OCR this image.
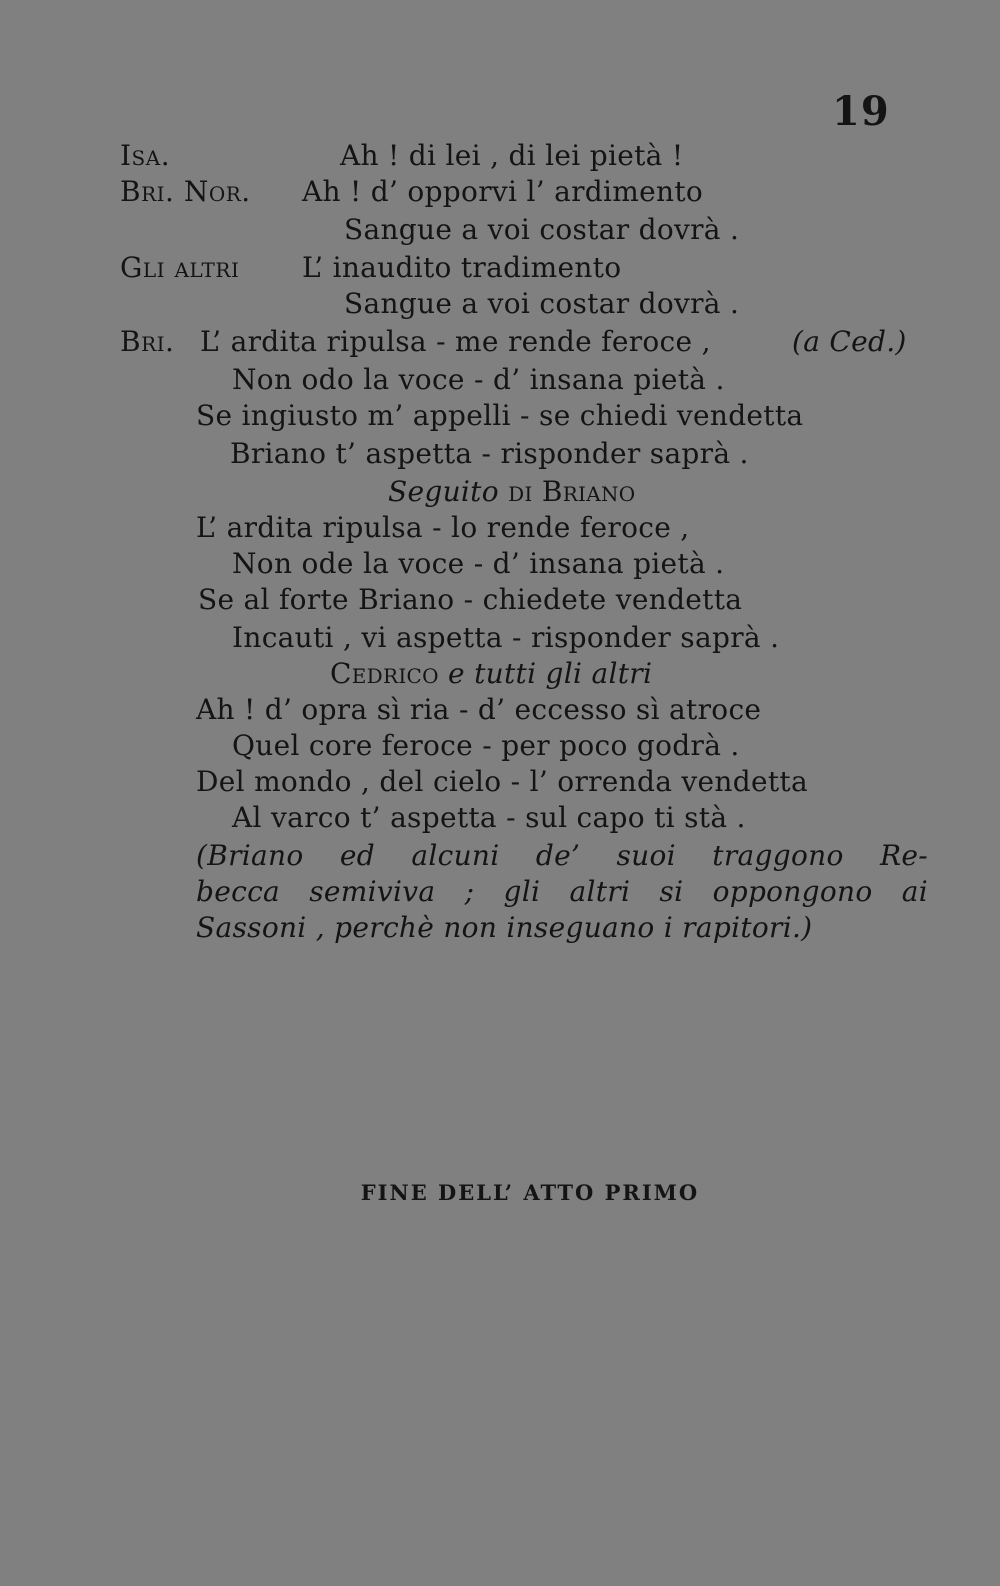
19
Isa.	Ah ! di lei , di lei pietà !
Bri. Nor. Ah ! d’ opporvi l’ ardimento
Sangue a voi costar dovrà .
Gli altri L’ inaudito tradimento
Sangue a voi costar dovrà .
Bri. L’ ardita ripulsa - me rende feroce ,	(a Ced.)
Non odo la voce - d’ insana pietà .
Se ingiusto m’ appelli - se chiedi vendetta
Briano t’ aspetta - risponder saprà .
Seguito di Briano
L’ ardita ripulsa - lo rende feroce ,
Non ode la voce - d’ insana pietà .
Se al forte Briano - chiedete vendetta
Incauti , vi aspetta - risponder saprà .
Cedrico e tutti gli altri
Ah ! d’ opra sì ria - d’ eccesso sì atroce
Quel core feroce - per poco godrà .
Del mondo , del cielo - l’ orrenda vendetta
Al varco t’ aspetta - sul capo ti stà .
(Briano ed alcuni de’ suoi traggono Re-
becca semiviva ; gli altri si oppongono ai
Sassoni , perchè non inseguano i rapitori.)
FINE DELL’ ATTO PRIMO
